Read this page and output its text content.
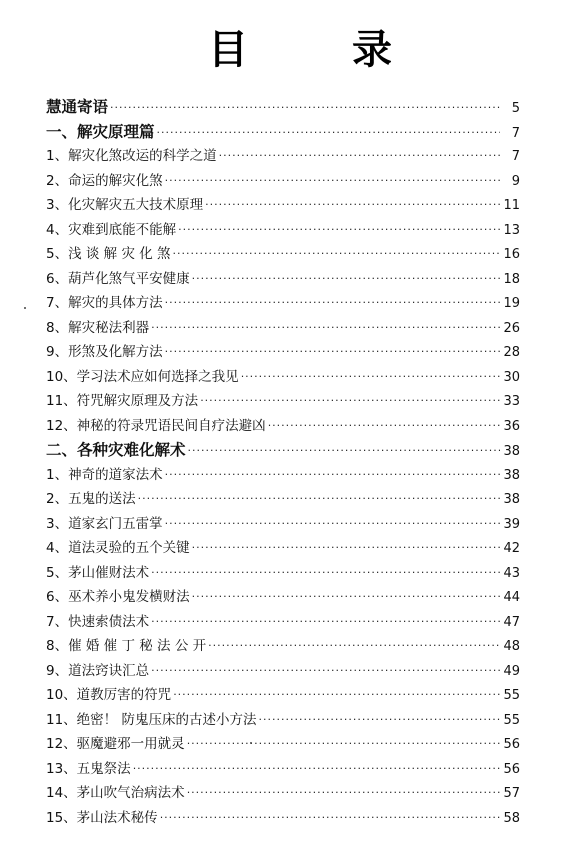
目	录
慧通寄语 ·····	5
一、解灾原理篇 ·····	7
1、解灾化煞改运的科学之道 ·····	7
2、命运的解灾化煞 ·····	9
3、化灾解灾五大技术原理 ·····	11
4、灾难到底能不能解 ·····	13
5、浅 谈 解 灾 化 煞 ·····	16
6、葫芦化煞气平安健康 ·····	18
7、解灾的具体方法 ·····	19
8、解灾秘法利器 ·····	26
9、形煞及化解方法 ·····	28
10、学习法术应如何选择之我见 ·····	30
11、符咒解灾原理及方法 ·····	33
12、神秘的符录咒语民间自疗法避凶 ·····	36
二、各种灾难化解术 ·····	38
1、神奇的道家法术 ·····	38
2、五鬼的送法 ·····	38
3、道家玄门五雷掌 ·····	39
4、道法灵验的五个关键 ·····	42
5、茅山催财法术 ·····	43
6、巫术养小鬼发横财法 ·····	44
7、快速索债法术 ·····	47
8、催 婚 催 丁 秘 法 公 开 ·····	48
9、道法窍诀汇总 ·····	49
10、道教厉害的符咒 ·····	55
11、绝密！ 防鬼压床的古述小方法 ·····	55
12、驱魔避邪一用就灵 ·····	56
13、五鬼祭法 ·····	56
14、茅山吹气治病法术 ·····	57
15、茅山法术秘传 ·····	58
